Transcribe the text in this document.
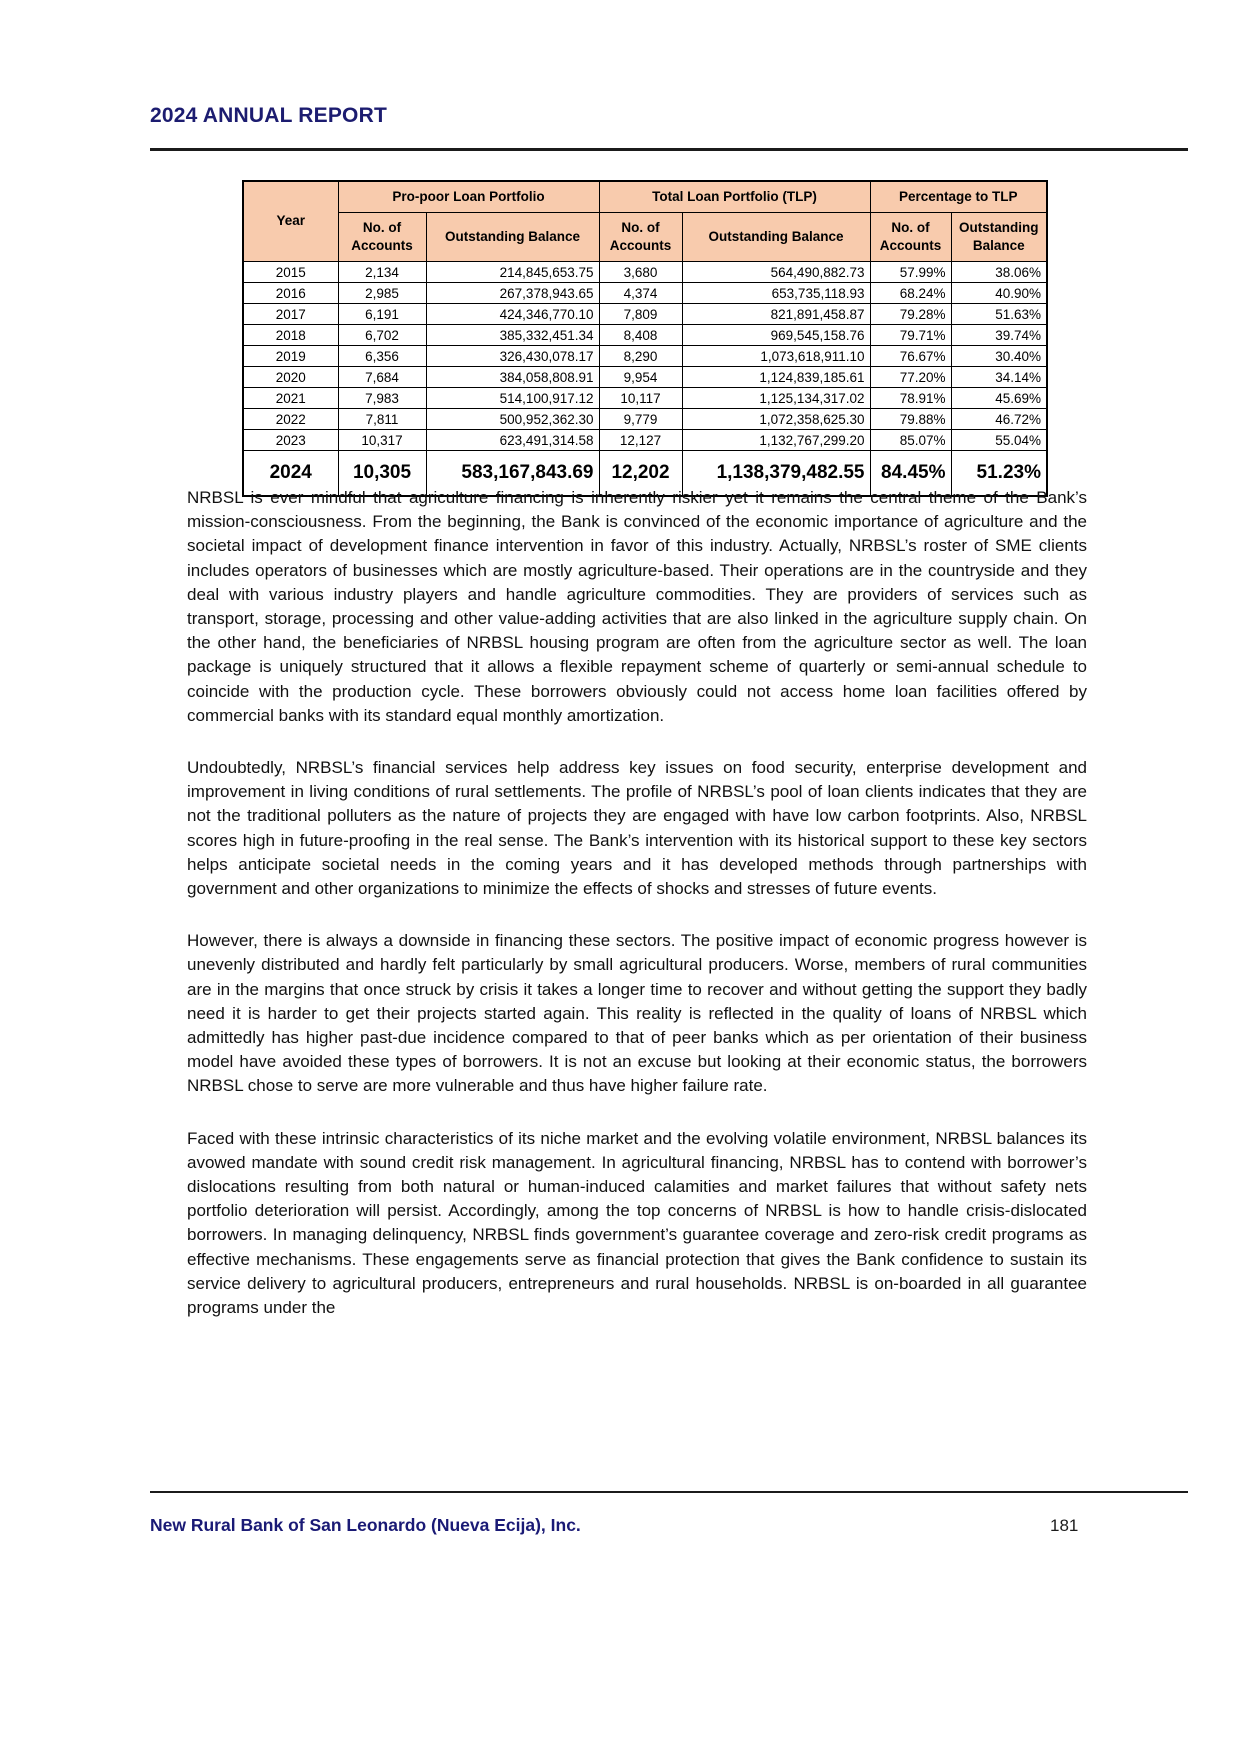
2024 ANNUAL REPORT
Year	Pro-poor Loan Portfolio		Total Loan Portfolio (TLP)		Percentage to TLP	
	No. of Accounts	Outstanding Balance	No. of Accounts	Outstanding Balance	No. of Accounts	Outstanding Balance
2015	2,134	214,845,653.75	3,680	564,490,882.73	57.99%	38.06%
2016	2,985	267,378,943.65	4,374	653,735,118.93	68.24%	40.90%
2017	6,191	424,346,770.10	7,809	821,891,458.87	79.28%	51.63%
2018	6,702	385,332,451.34	8,408	969,545,158.76	79.71%	39.74%
2019	6,356	326,430,078.17	8,290	1,073,618,911.10	76.67%	30.40%
2020	7,684	384,058,808.91	9,954	1,124,839,185.61	77.20%	34.14%
2021	7,983	514,100,917.12	10,117	1,125,134,317.02	78.91%	45.69%
2022	7,811	500,952,362.30	9,779	1,072,358,625.30	79.88%	46.72%
2023	10,317	623,491,314.58	12,127	1,132,767,299.20	85.07%	55.04%
2024	10,305	583,167,843.69	12,202	1,138,379,482.55	84.45%	51.23%

NRBSL is ever mindful that agriculture financing is inherently riskier yet it remains the central theme of the Bank’s mission-consciousness. From the beginning, the Bank is convinced of the economic importance of agriculture and the societal impact of development finance intervention in favor of this industry. Actually, NRBSL’s roster of SME clients includes operators of businesses which are mostly agriculture-based. Their operations are in the countryside and they deal with various industry players and handle agriculture commodities. They are providers of services such as transport, storage, processing and other value-adding activities that are also linked in the agriculture supply chain. On the other hand, the beneficiaries of NRBSL housing program are often from the agriculture sector as well. The loan package is uniquely structured that it allows a flexible repayment scheme of quarterly or semi-annual schedule to coincide with the production cycle. These borrowers obviously could not access home loan facilities offered by commercial banks with its standard equal monthly amortization.

Undoubtedly, NRBSL’s financial services help address key issues on food security, enterprise development and improvement in living conditions of rural settlements. The profile of NRBSL’s pool of loan clients indicates that they are not the traditional polluters as the nature of projects they are engaged with have low carbon footprints. Also, NRBSL scores high in future-proofing in the real sense. The Bank’s intervention with its historical support to these key sectors helps anticipate societal needs in the coming years and it has developed methods through partnerships with government and other organizations to minimize the effects of shocks and stresses of future events.

However, there is always a downside in financing these sectors. The positive impact of economic progress however is unevenly distributed and hardly felt particularly by small agricultural producers. Worse, members of rural communities are in the margins that once struck by crisis it takes a longer time to recover and without getting the support they badly need it is harder to get their projects started again. This reality is reflected in the quality of loans of NRBSL which admittedly has higher past-due incidence compared to that of peer banks which as per orientation of their business model have avoided these types of borrowers. It is not an excuse but looking at their economic status, the borrowers NRBSL chose to serve are more vulnerable and thus have higher failure rate.

Faced with these intrinsic characteristics of its niche market and the evolving volatile environment, NRBSL balances its avowed mandate with sound credit risk management. In agricultural financing, NRBSL has to contend with borrower’s dislocations resulting from both natural or human-induced calamities and market failures that without safety nets portfolio deterioration will persist. Accordingly, among the top concerns of NRBSL is how to handle crisis-dislocated borrowers. In managing delinquency, NRBSL finds government’s guarantee coverage and zero-risk credit programs as effective mechanisms. These engagements serve as financial protection that gives the Bank confidence to sustain its service delivery to agricultural producers, entrepreneurs and rural households. NRBSL is on-boarded in all guarantee programs under the

New Rural Bank of San Leonardo (Nueva Ecija), Inc.	181
